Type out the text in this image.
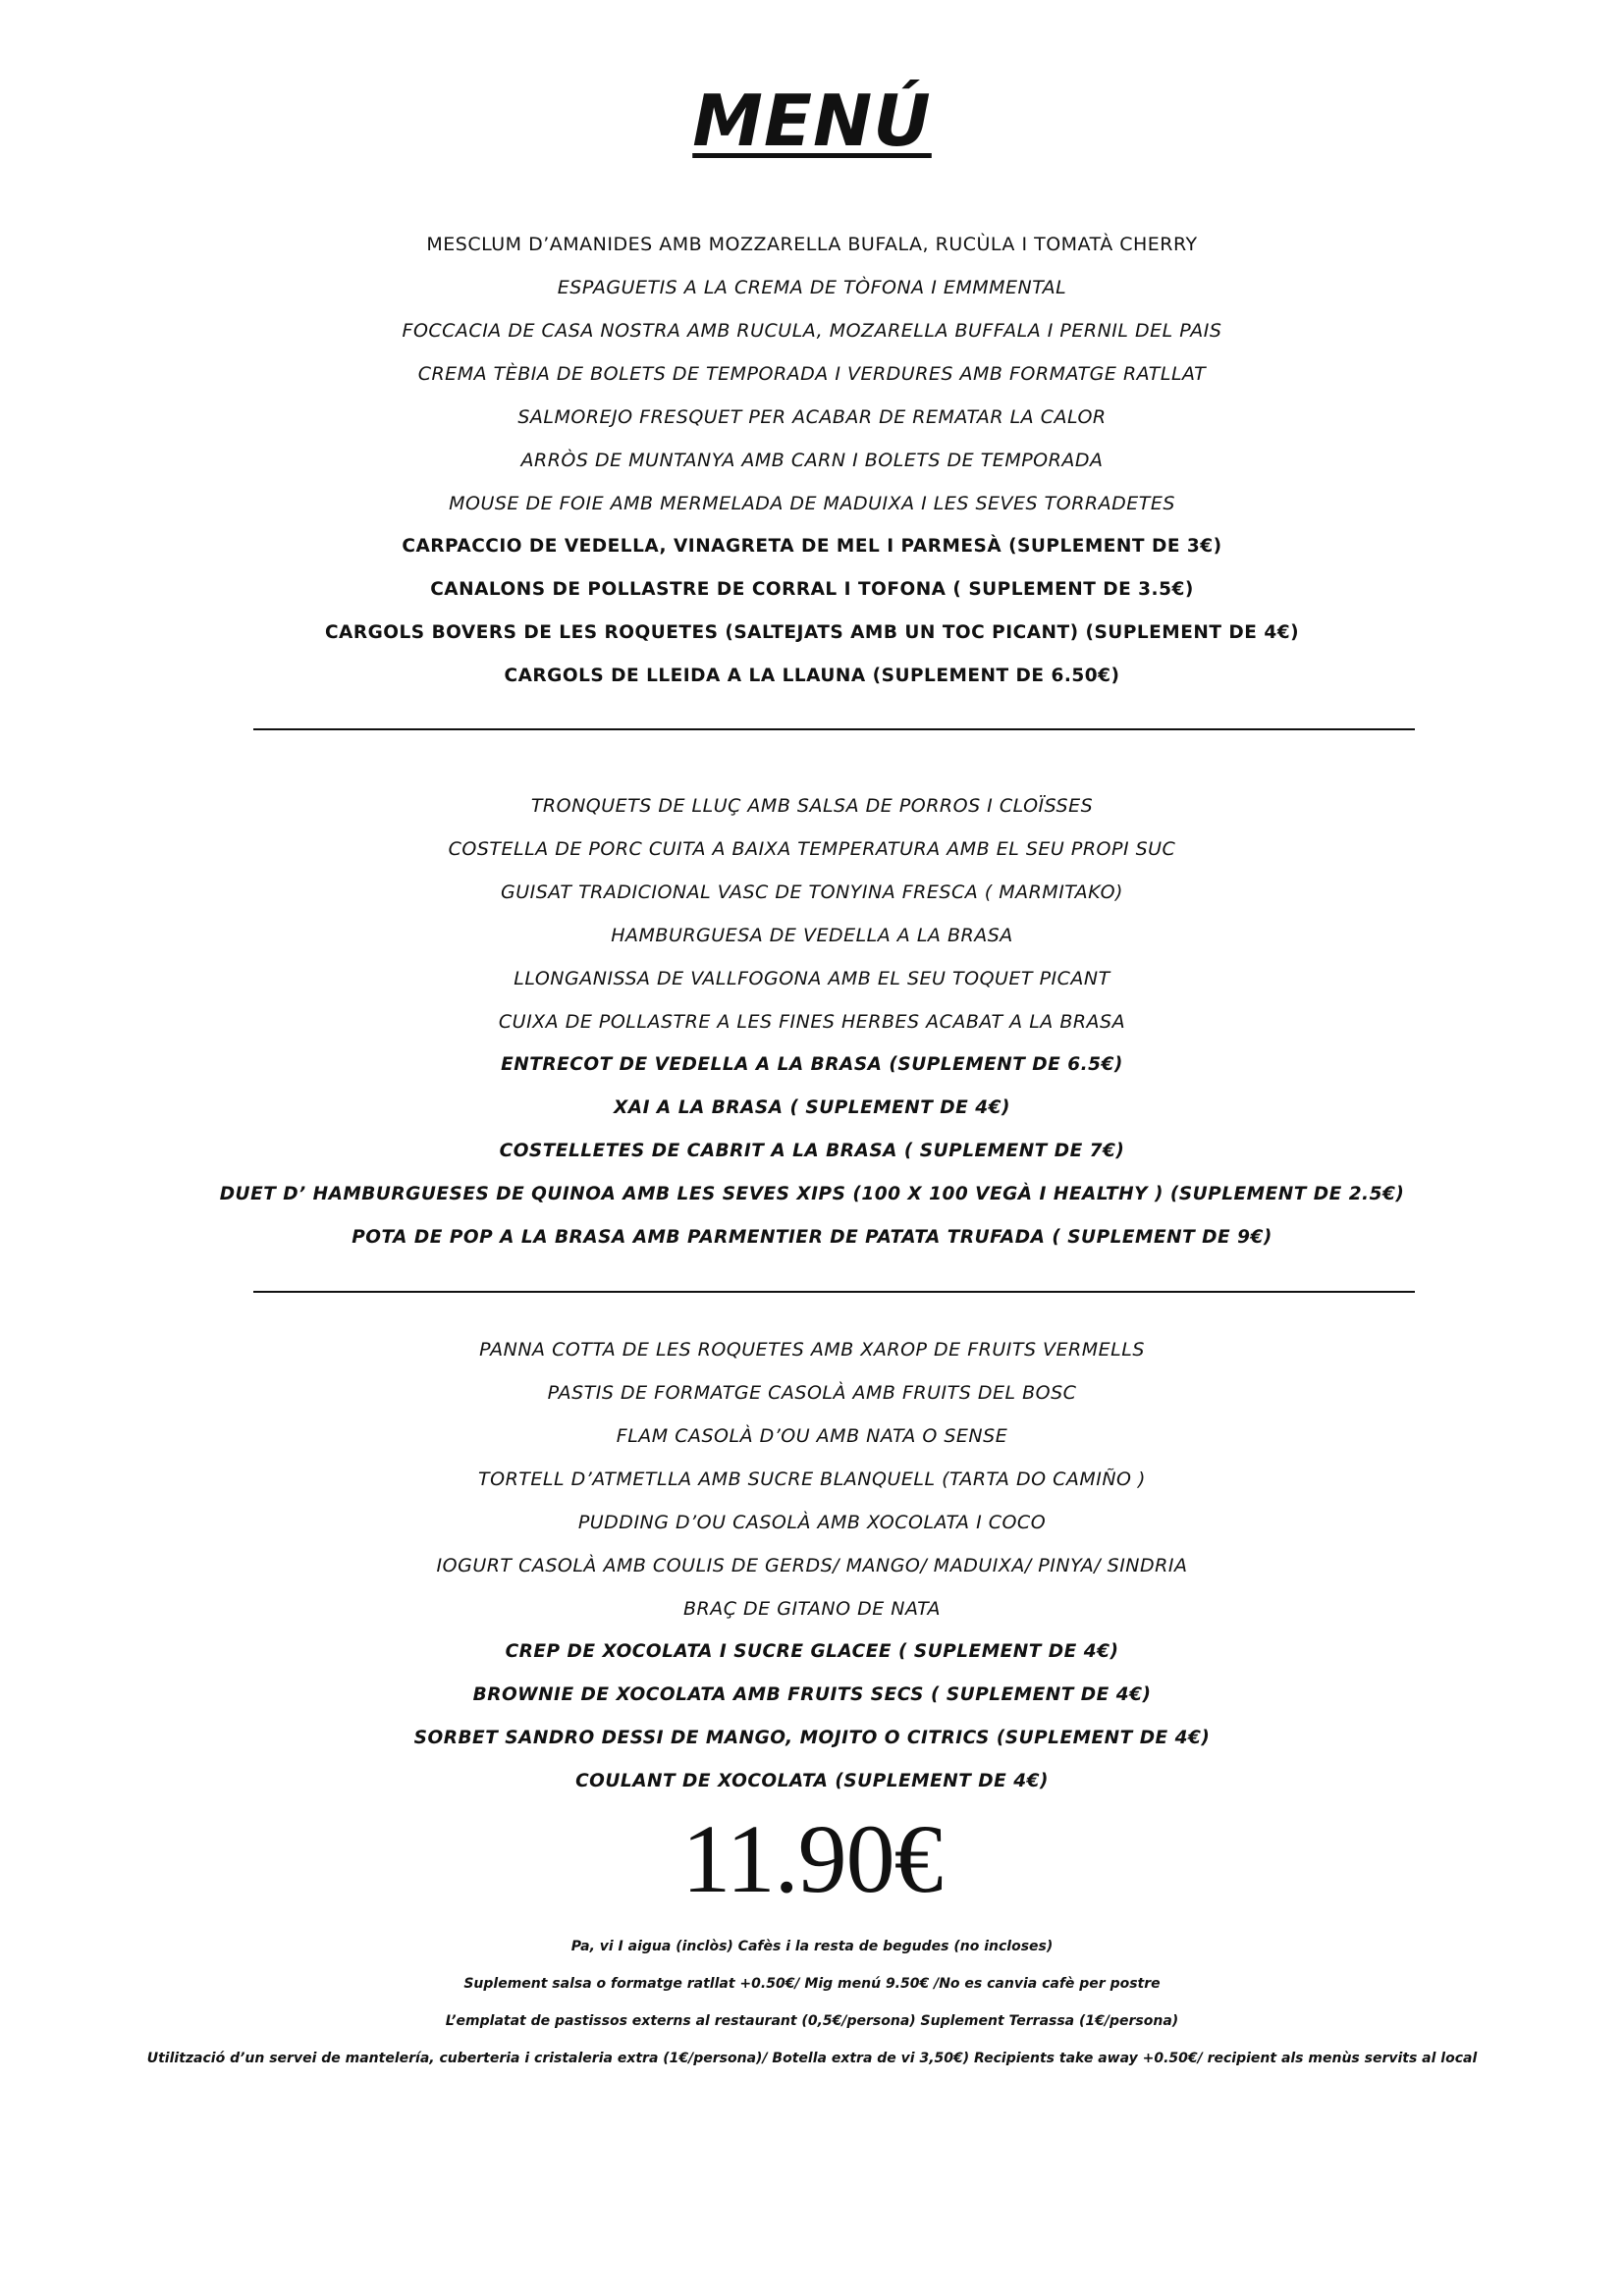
MENÚ
MESCLUM D’AMANIDES AMB MOZZARELLA BUFALA, RUCÙLA I TOMATÀ CHERRY
ESPAGUETIS A LA CREMA DE TÒFONA I EMMMENTAL
FOCCACIA DE CASA NOSTRA AMB RUCULA, MOZARELLA BUFFALA I PERNIL DEL PAIS
CREMA TÈBIA DE BOLETS DE TEMPORADA I VERDURES AMB FORMATGE RATLLAT
SALMOREJO FRESQUET PER ACABAR DE REMATAR LA CALOR
ARRÒS DE MUNTANYA AMB CARN I BOLETS DE TEMPORADA
MOUSE DE FOIE AMB MERMELADA DE MADUIXA I LES SEVES TORRADETES
CARPACCIO DE VEDELLA, VINAGRETA DE MEL I PARMESÀ (SUPLEMENT DE 3€)
CANALONS DE POLLASTRE DE CORRAL I TOFONA ( SUPLEMENT DE 3.5€)
CARGOLS BOVERS DE LES ROQUETES (SALTEJATS AMB UN TOC PICANT) (SUPLEMENT DE 4€)
CARGOLS DE LLEIDA A LA LLAUNA (SUPLEMENT DE 6.50€)
TRONQUETS DE LLUÇ AMB SALSA DE PORROS I CLOÏSSES
COSTELLA DE PORC CUITA A BAIXA TEMPERATURA AMB EL SEU PROPI SUC
GUISAT TRADICIONAL VASC DE TONYINA FRESCA ( MARMITAKO)
HAMBURGUESA DE VEDELLA A LA BRASA
LLONGANISSA DE VALLFOGONA AMB EL SEU TOQUET PICANT
CUIXA DE POLLASTRE A LES FINES HERBES ACABAT A LA BRASA
ENTRECOT DE VEDELLA A LA BRASA (SUPLEMENT DE 6.5€)
XAI A LA BRASA ( SUPLEMENT DE 4€)
COSTELLETES DE CABRIT A LA BRASA ( SUPLEMENT DE 7€)
DUET D’ HAMBURGUESES DE QUINOA AMB LES SEVES XIPS (100 X 100 VEGÀ I HEALTHY ) (SUPLEMENT DE 2.5€)
POTA DE POP A LA BRASA AMB PARMENTIER DE PATATA TRUFADA ( SUPLEMENT DE 9€)
PANNA COTTA DE LES ROQUETES AMB XAROP DE FRUITS VERMELLS
PASTIS DE FORMATGE CASOLÀ AMB FRUITS DEL BOSC
FLAM CASOLÀ D’OU AMB NATA O SENSE
TORTELL D’ATMETLLA AMB SUCRE BLANQUELL (TARTA DO CAMIÑO )
PUDDING D’OU CASOLÀ AMB XOCOLATA I COCO
IOGURT CASOLÀ AMB COULIS DE GERDS/ MANGO/ MADUIXA/ PINYA/ SINDRIA
BRAÇ DE GITANO DE NATA
CREP DE XOCOLATA I SUCRE GLACEE ( SUPLEMENT DE 4€)
BROWNIE DE XOCOLATA AMB FRUITS SECS ( SUPLEMENT DE 4€)
SORBET SANDRO DESSI DE MANGO, MOJITO O CITRICS (SUPLEMENT DE 4€)
COULANT DE XOCOLATA (SUPLEMENT DE 4€)
11.90€
Pa, vi I aigua (inclòs) Cafès i la resta de begudes (no incloses)
Suplement salsa o formatge ratllat +0.50€/ Mig menú 9.50€ /No es canvia cafè per postre
L’emplatat de pastissos externs al restaurant (0,5€/persona) Suplement Terrassa (1€/persona)
Utilització d’un servei de mantelería, cuberteria i cristaleria extra (1€/persona)/ Botella extra de vi 3,50€) Recipients take away +0.50€/ recipient als menùs servits al local
